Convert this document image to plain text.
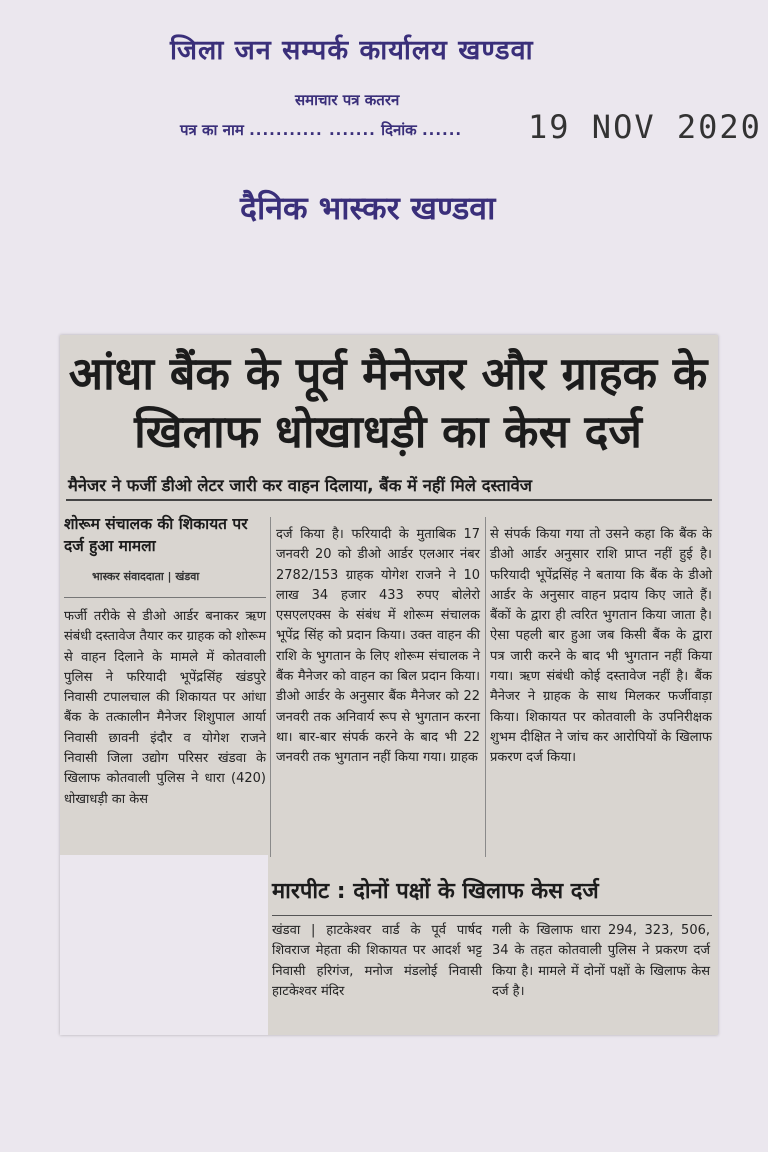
जिला जन सम्पर्क कार्यालय खण्डवा
समाचार पत्र कतरन
पत्र का नाम ........... ....... दिनांक ...... 19 NOV 2020
दैनिक भास्कर खण्डवा
आंधा बैंक के पूर्व मैनेजर और ग्राहक के खिलाफ धोखाधड़ी का केस दर्ज
मैनेजर ने फर्जी डीओ लेटर जारी कर वाहन दिलाया, बैंक में नहीं मिले दस्तावेज
शोरूम संचालक की शिकायत पर दर्ज हुआ मामला
भास्कर संवाददाता | खंडवा
फर्जी तरीके से डीओ आर्डर बनाकर ऋण संबंधी दस्तावेज तैयार कर ग्राहक को शोरूम से वाहन दिलाने के मामले में कोतवाली पुलिस ने फरियादी भूपेंद्रसिंह खंडपुरे निवासी टपालचाल की शिकायत पर आंधा बैंक के तत्कालीन मैनेजर शिशुपाल आर्या निवासी छावनी इंदौर व योगेश राजने निवासी जिला उद्योग परिसर खंडवा के खिलाफ कोतवाली पुलिस ने धारा (420) धोखाधड़ी का केस
दर्ज किया है। फरियादी के मुताबिक 17 जनवरी 20 को डीओ आर्डर एलआर नंबर 2782/153 ग्राहक योगेश राजने ने 10 लाख 34 हजार 433 रुपए बोलेरो एसएलएक्स के संबंध में शोरूम संचालक भूपेंद्र सिंह को प्रदान किया। उक्त वाहन की राशि के भुगतान के लिए शोरूम संचालक ने बैंक मैनेजर को वाहन का बिल प्रदान किया। डीओ आर्डर के अनुसार बैंक मैनेजर को 22 जनवरी तक अनिवार्य रूप से भुगतान करना था। बार-बार संपर्क करने के बाद भी 22 जनवरी तक भुगतान नहीं किया गया। ग्राहक
से संपर्क किया गया तो उसने कहा कि बैंक के डीओ आर्डर अनुसार राशि प्राप्त नहीं हुई है। फरियादी भूपेंद्रसिंह ने बताया कि बैंक के डीओ आर्डर के अनुसार वाहन प्रदाय किए जाते हैं। बैंकों के द्वारा ही त्वरित भुगतान किया जाता है। ऐसा पहली बार हुआ जब किसी बैंक के द्वारा पत्र जारी करने के बाद भी भुगतान नहीं किया गया। ऋण संबंधी कोई दस्तावेज नहीं है। बैंक मैनेजर ने ग्राहक के साथ मिलकर फर्जीवाड़ा किया। शिकायत पर कोतवाली के उपनिरीक्षक शुभम दीक्षित ने जांच कर आरोपियों के खिलाफ प्रकरण दर्ज किया।
मारपीट : दोनों पक्षों के खिलाफ केस दर्ज
खंडवा | हाटकेश्वर वार्ड के पूर्व पार्षद शिवराज मेहता की शिकायत पर आदर्श भट्ट निवासी हरिगंज, मनोज मंडलोई निवासी हाटकेश्वर मंदिर
गली के खिलाफ धारा 294, 323, 506, 34 के तहत कोतवाली पुलिस ने प्रकरण दर्ज किया है। मामले में दोनों पक्षों के खिलाफ केस दर्ज है।
